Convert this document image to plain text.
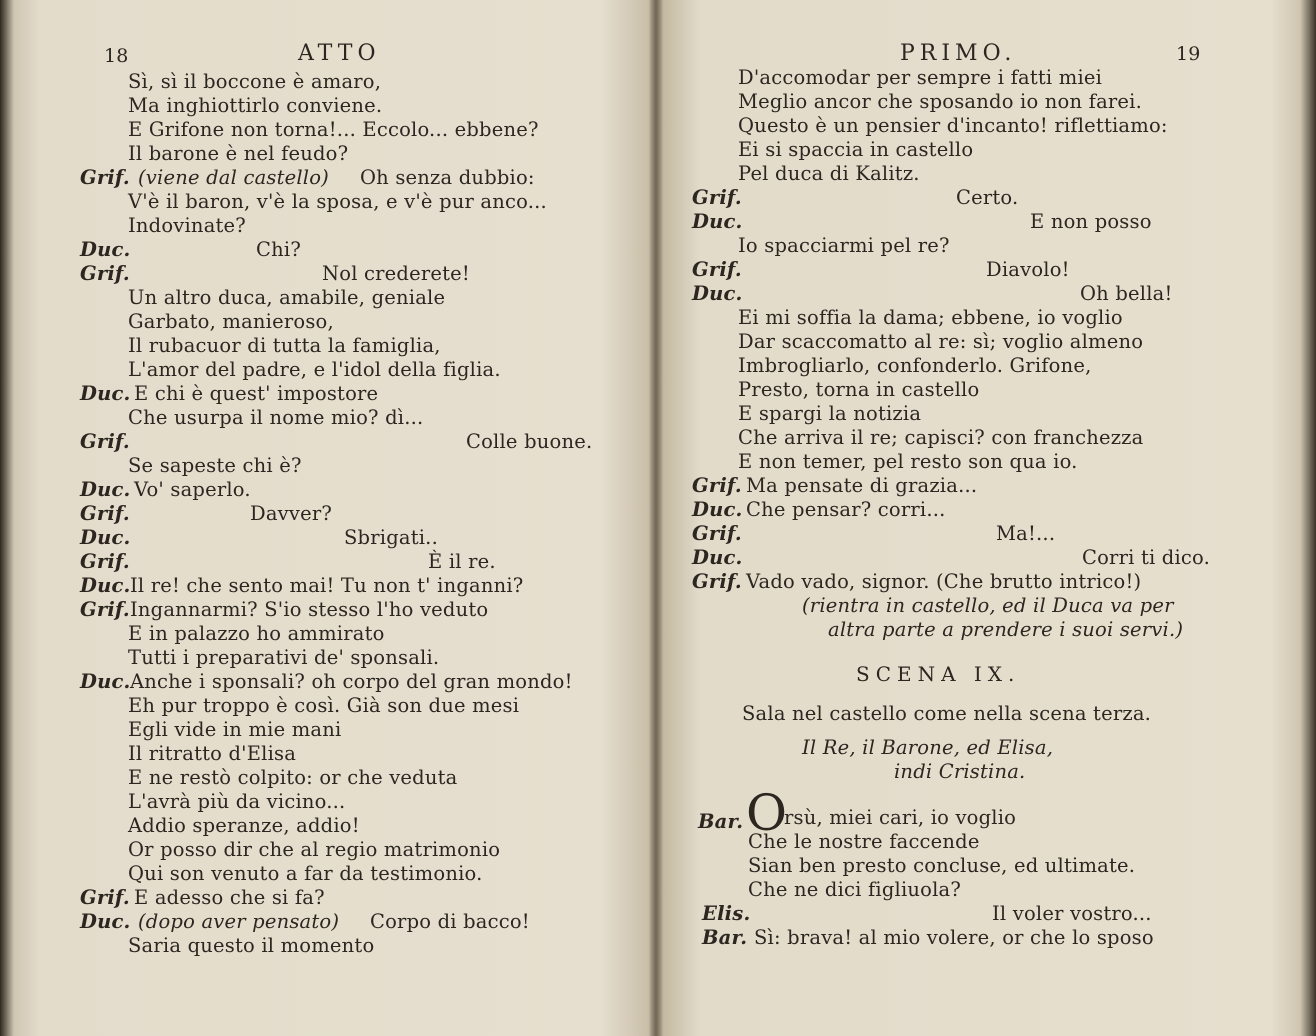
18	ATTO
Sì, sì il boccone è amaro,
Ma inghiottirlo conviene.
E Grifone non torna!... Eccolo... ebbene?
Il barone è nel feudo?
Grif. (viene dal castello) Oh senza dubbio:
V'è il baron, v'è la sposa, e v'è pur anco...
Indovinate?
Duc.	Chi?
Grif.	Nol crederete!
Un altro duca, amabile, geniale
Garbato, manieroso,
Il rubacuor di tutta la famiglia,
L'amor del padre, e l'idol della figlia.
Duc. E chi è quest' impostore
Che usurpa il nome mio? dì...
Grif.	Colle buone.
Se sapeste chi è?
Duc. Vo' saperlo.
Grif.	Davver?
Duc.	Sbrigati..
Grif.	È il re.
Duc. Il re! che sento mai! Tu non t' inganni?
Grif. Ingannarmi? S'io stesso l'ho veduto
E in palazzo ho ammirato
Tutti i preparativi de' sponsali.
Duc. Anche i sponsali? oh corpo del gran mondo!
Eh pur troppo è così. Già son due mesi
Egli vide in mie mani
Il ritratto d'Elisa
E ne restò colpito: or che veduta
L'avrà più da vicino...
Addio speranze, addio!
Or posso dir che al regio matrimonio
Qui son venuto a far da testimonio.
Grif. E adesso che si fa?
Duc. (dopo aver pensato) Corpo di bacco!
Saria questo il momento
PRIMO.	19
D'accomodar per sempre i fatti miei
Meglio ancor che sposando io non farei.
Questo è un pensier d'incanto! riflettiamo:
Ei si spaccia in castello
Pel duca di Kalitz.
Grif.	Certo.
Duc.	E non posso
Io spacciarmi pel re?
Grif.	Diavolo!
Duc.	Oh bella!
Ei mi soffia la dama; ebbene, io voglio
Dar scaccomatto al re: sì; voglio almeno
Imbrogliarlo, confonderlo. Grifone,
Presto, torna in castello
E spargi la notizia
Che arriva il re; capisci? con franchezza
E non temer, pel resto son qua io.
Grif. Ma pensate di grazia...
Duc. Che pensar? corri...
Grif.	Ma!...
Duc.	Corri ti dico.
Grif. Vado vado, signor. (Che brutto intrico!)
(rientra in castello, ed il Duca va per
altra parte a prendere i suoi servi.)
SCENA IX.
Sala nel castello come nella scena terza.
Il Re, il Barone, ed Elisa,
indi Cristina.
Bar. O
rsù, miei cari, io voglio
Che le nostre faccende
Sian ben presto concluse, ed ultimate.
Che ne dici figliuola?
Elis.	Il voler vostro...
Bar. Sì: brava! al mio volere, or che lo sposo
